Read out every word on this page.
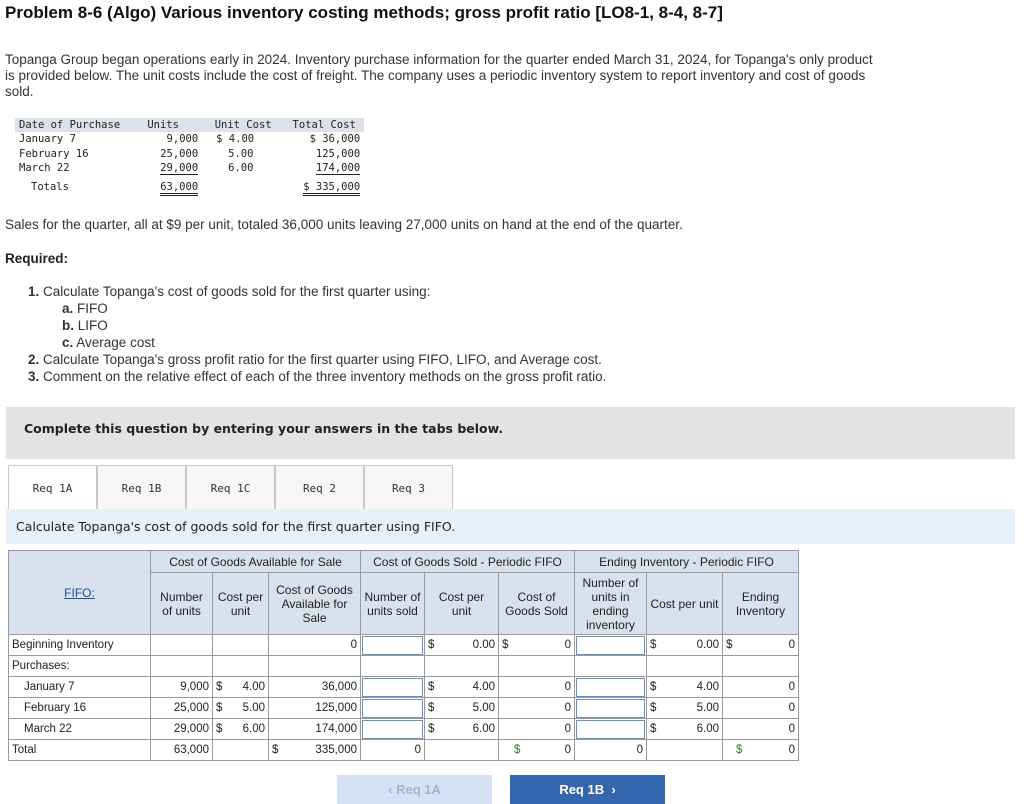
Problem 8-6 (Algo) Various inventory costing methods; gross profit ratio [LO8-1, 8-4, 8-7]
Topanga Group began operations early in 2024. Inventory purchase information for the quarter ended March 31, 2024, for Topanga's only product is provided below. The unit costs include the cost of freight. The company uses a periodic inventory system to report inventory and cost of goods sold.
Date of Purchase	Units	Unit Cost	Total Cost
January 7	9,000	$ 4.00	$ 36,000
February 16	25,000	5.00	125,000
March 22	29,000	6.00	174,000
Totals	63,000		$ 335,000
Sales for the quarter, all at $9 per unit, totaled 36,000 units leaving 27,000 units on hand at the end of the quarter.
Required:
1. Calculate Topanga's cost of goods sold for the first quarter using:
a. FIFO
b. LIFO
c. Average cost
2. Calculate Topanga's gross profit ratio for the first quarter using FIFO, LIFO, and Average cost.
3. Comment on the relative effect of each of the three inventory methods on the gross profit ratio.
Complete this question by entering your answers in the tabs below.
Req 1A	Req 1B	Req 1C	Req 2	Req 3
Calculate Topanga's cost of goods sold for the first quarter using FIFO.
FIFO:	Cost of Goods Available for Sale			Cost of Goods Sold - Periodic FIFO			Ending Inventory - Periodic FIFO		
	Number of units	Cost per unit	Cost of Goods Available for Sale	Number of units sold	Cost per unit	Cost of Goods Sold	Number of units in ending inventory	Cost per unit	Ending Inventory
Beginning Inventory			0		$ 0.00	$ 0		$ 0.00	$ 0

Purchases:									
January 7	9,000	$ 4.00	36,000		$ 4.00	0		$ 4.00	0
February 16	25,000	$ 5.00	125,000		$ 5.00	0		$ 5.00	0
March 22	29,000	$ 6.00	174,000		$ 6.00	0		$ 6.00	0
Total	63,000		$ 335,000	0		$ 0	0		$ 0
‹ Req 1A	Req 1B ›
